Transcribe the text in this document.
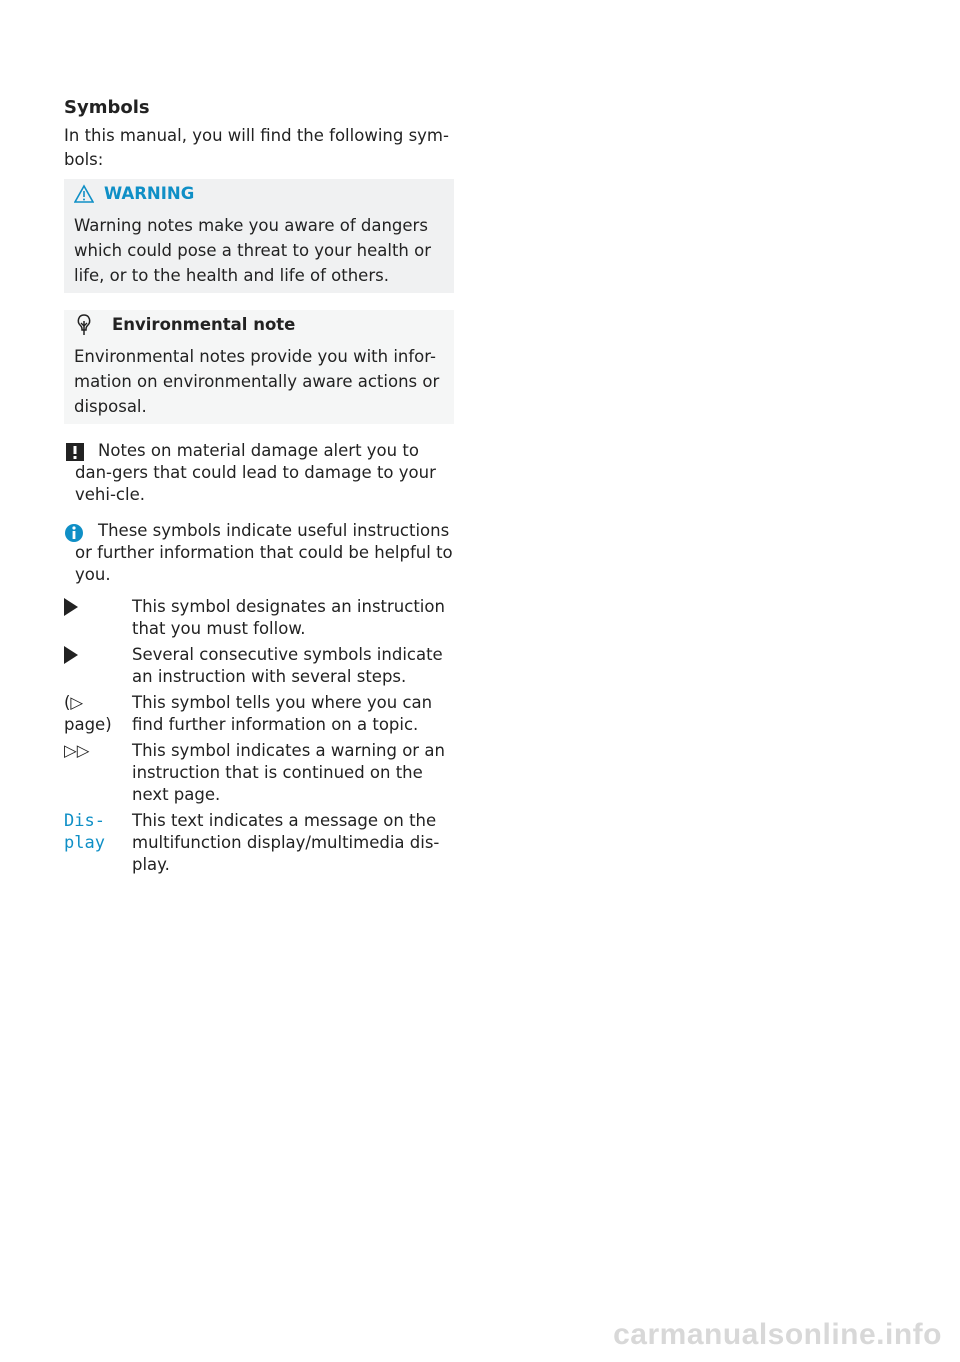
Symbols

In this manual, you will find the following sym-bols:

WARNING
Warning notes make you aware of dangers which could pose a threat to your health or life, or to the health and life of others.
Environmental note
Environmental notes provide you with infor-mation on environmentally aware actions or disposal.
Notes on material damage alert you to dan-gers that could lead to damage to your vehi-cle.
These symbols indicate useful instructions or further information that could be helpful to you.
This symbol designates an instruction that you must follow.
Several consecutive symbols indicate an instruction with several steps.
(▷ page)
This symbol tells you where you can find further information on a topic.
▷▷	This symbol indicates a warning or an instruction that is continued on the next page.
Dis‐ play
This text indicates a message on the multifunction display/multimedia dis-play.
carmanualsonline.info
